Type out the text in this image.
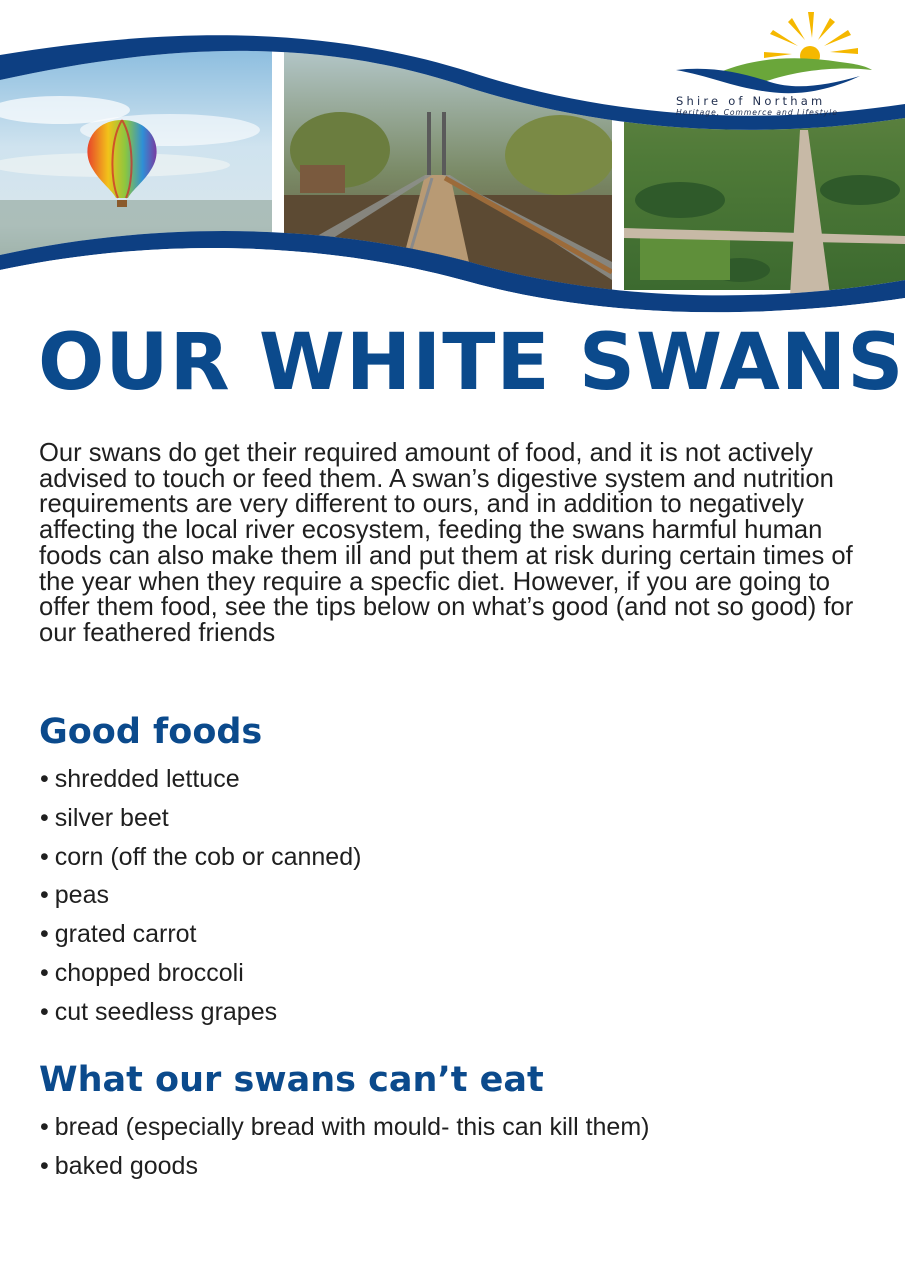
Shire of Northam
Heritage, Commerce and Lifestyle
OUR WHITE SWANS

Our swans do get their required amount of food, and it is not actively advised to touch or feed them. A swan’s digestive system and nutrition requirements are very different to ours, and in addition to negatively affecting the local river ecosystem, feeding the swans harmful human foods can also make them ill and put them at risk during certain times of the year when they require a specfic diet. However, if you are going to offer them food, see the tips below on what’s good (and not so good) for our feathered friends

Good foods
• shredded lettuce
• silver beet
• corn (off the cob or canned)
• peas
• grated carrot
• chopped broccoli
• cut seedless grapes
What our swans can’t eat
• bread (especially bread with mould- this can kill them)
• baked goods
